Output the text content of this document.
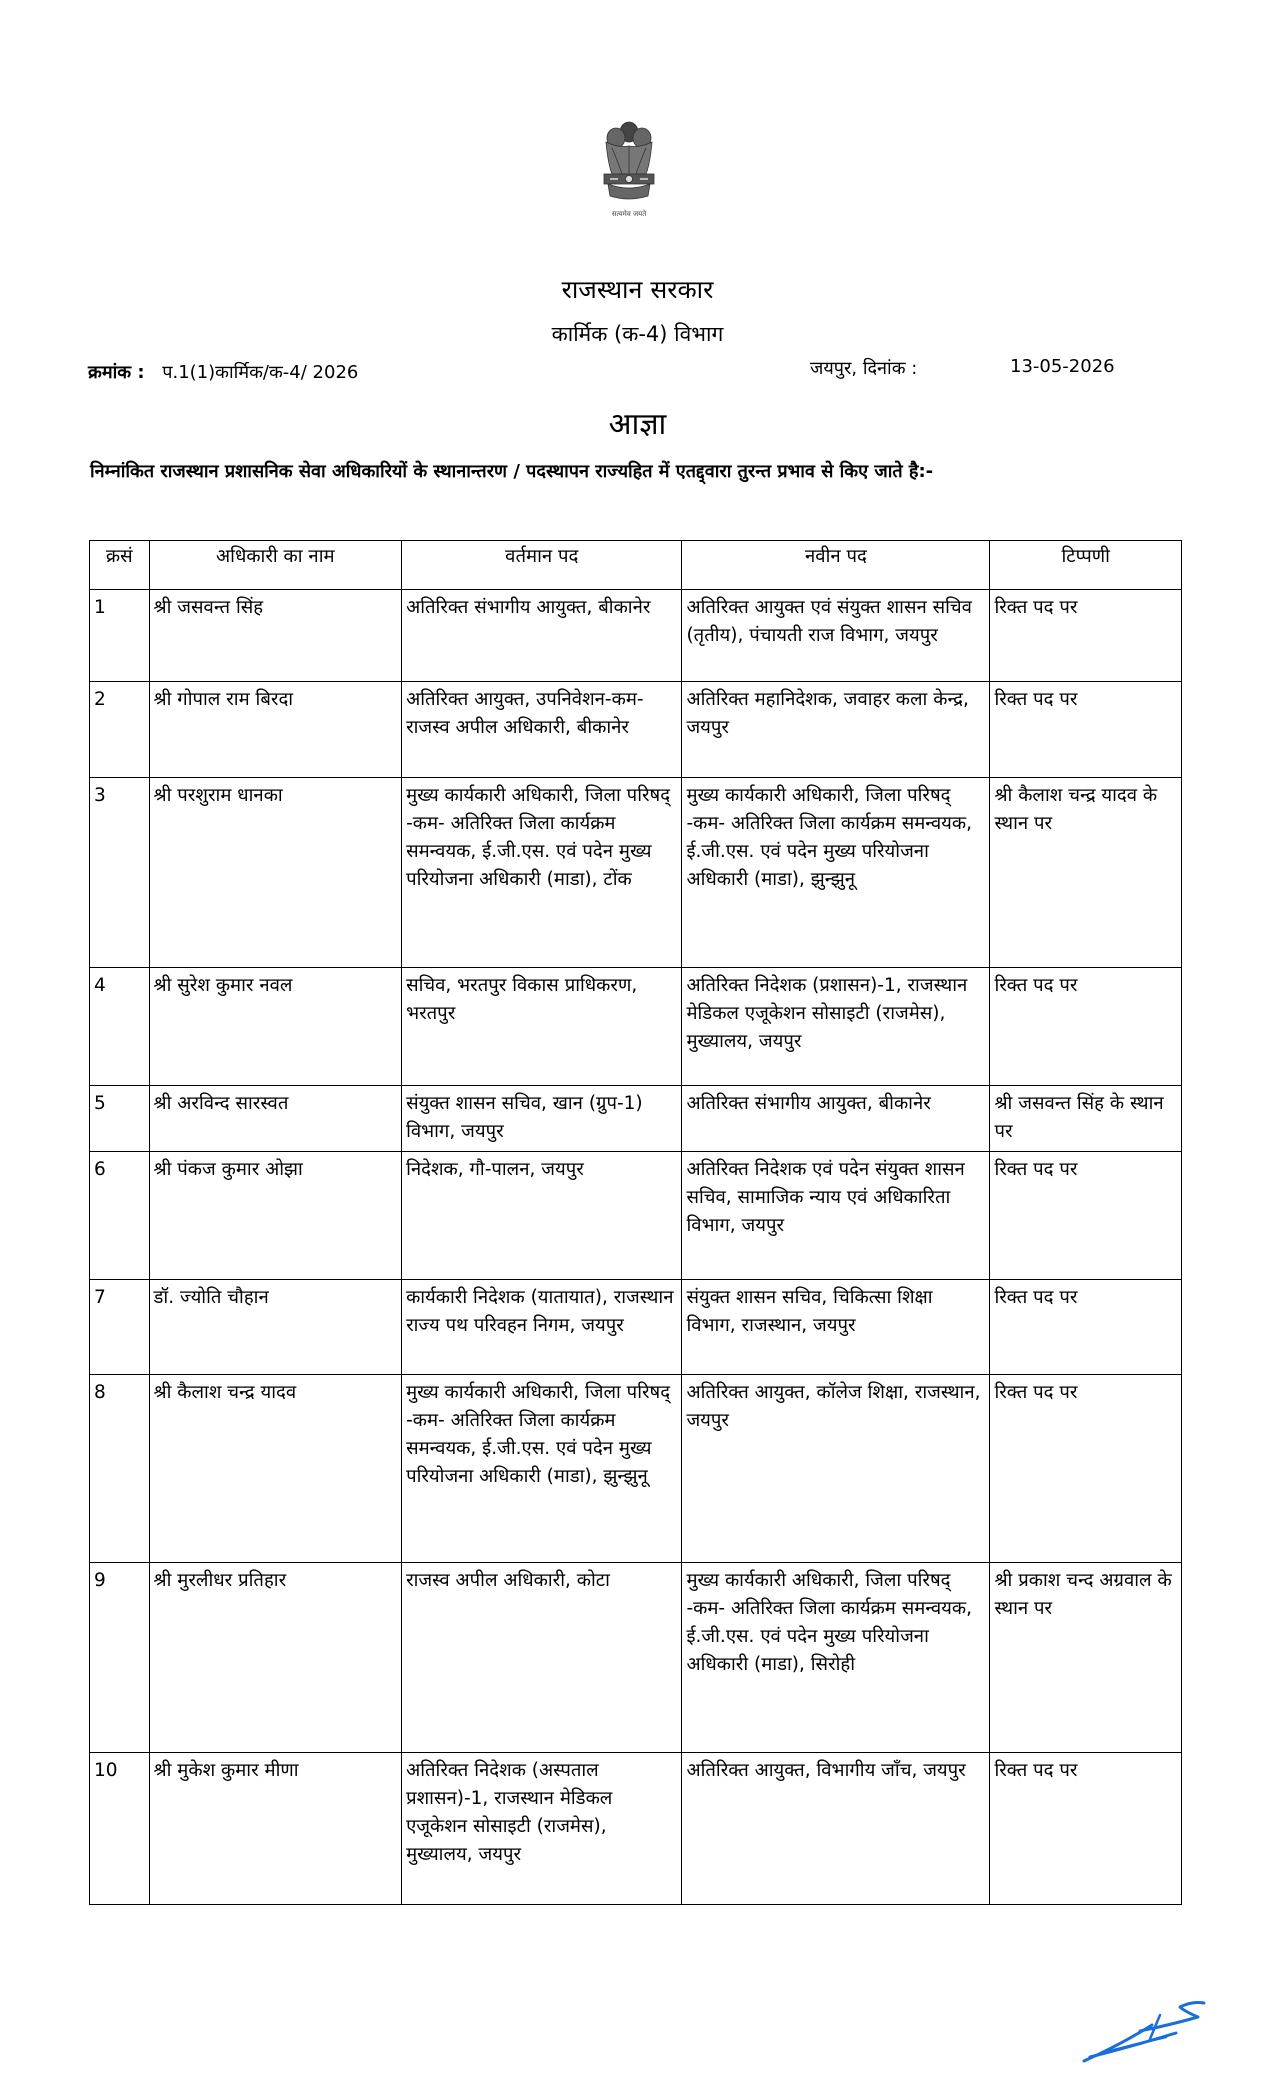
सत्यमेव जयते
राजस्थान सरकार
कार्मिक (क-4) विभाग
क्रमांक : प.1(1)कार्मिक/क-4/ 2026	जयपुर, दिनांक :	13-05-2026
आज्ञा
निम्नांकित राजस्थान प्रशासनिक सेवा अधिकारियों के स्थानान्तरण / पदस्थापन राज्यहित में एतद्द्वारा तुरन्त प्रभाव से किए जाते है:-
क्रसं	अधिकारी का नाम	वर्तमान पद	नवीन पद	टिप्पणी
1	श्री जसवन्त सिंह	अतिरिक्त संभागीय आयुक्त, बीकानेर	अतिरिक्त आयुक्त एवं संयुक्त शासन सचिव (तृतीय), पंचायती राज विभाग, जयपुर	रिक्त पद पर
2	श्री गोपाल राम बिरदा	अतिरिक्त आयुक्त, उपनिवेशन-कम-राजस्व अपील अधिकारी, बीकानेर	अतिरिक्त महानिदेशक, जवाहर कला केन्द्र, जयपुर	रिक्त पद पर
3	श्री परशुराम धानका	मुख्य कार्यकारी अधिकारी, जिला परिषद् -कम- अतिरिक्त जिला कार्यक्रम समन्वयक, ई.जी.एस. एवं पदेन मुख्य परियोजना अधिकारी (माडा), टोंक	मुख्य कार्यकारी अधिकारी, जिला परिषद् -कम- अतिरिक्त जिला कार्यक्रम समन्वयक, ई.जी.एस. एवं पदेन मुख्य परियोजना अधिकारी (माडा), झुन्झुनू	श्री कैलाश चन्द्र यादव के स्थान पर
4	श्री सुरेश कुमार नवल	सचिव, भरतपुर विकास प्राधिकरण, भरतपुर	अतिरिक्त निदेशक (प्रशासन)-1, राजस्थान मेडिकल एजूकेशन सोसाइटी (राजमेस), मुख्यालय, जयपुर	रिक्त पद पर
5	श्री अरविन्द सारस्वत	संयुक्त शासन सचिव, खान (ग्रुप-1) विभाग, जयपुर	अतिरिक्त संभागीय आयुक्त, बीकानेर	श्री जसवन्त सिंह के स्थान पर
6	श्री पंकज कुमार ओझा	निदेशक, गौ-पालन, जयपुर	अतिरिक्त निदेशक एवं पदेन संयुक्त शासन सचिव, सामाजिक न्याय एवं अधिकारिता विभाग, जयपुर	रिक्त पद पर
7	डॉ. ज्योति चौहान	कार्यकारी निदेशक (यातायात), राजस्थान राज्य पथ परिवहन निगम, जयपुर	संयुक्त शासन सचिव, चिकित्सा शिक्षा विभाग, राजस्थान, जयपुर	रिक्त पद पर
8	श्री कैलाश चन्द्र यादव	मुख्य कार्यकारी अधिकारी, जिला परिषद् -कम- अतिरिक्त जिला कार्यक्रम समन्वयक, ई.जी.एस. एवं पदेन मुख्य परियोजना अधिकारी (माडा), झुन्झुनू	अतिरिक्त आयुक्त, कॉलेज शिक्षा, राजस्थान, जयपुर	रिक्त पद पर
9	श्री मुरलीधर प्रतिहार	राजस्व अपील अधिकारी, कोटा	मुख्य कार्यकारी अधिकारी, जिला परिषद् -कम- अतिरिक्त जिला कार्यक्रम समन्वयक, ई.जी.एस. एवं पदेन मुख्य परियोजना अधिकारी (माडा), सिरोही	श्री प्रकाश चन्द अग्रवाल के स्थान पर
10	श्री मुकेश कुमार मीणा	अतिरिक्त निदेशक (अस्पताल प्रशासन)-1, राजस्थान मेडिकल एजूकेशन सोसाइटी (राजमेस), मुख्यालय, जयपुर	अतिरिक्त आयुक्त, विभागीय जाँच, जयपुर	रिक्त पद पर
